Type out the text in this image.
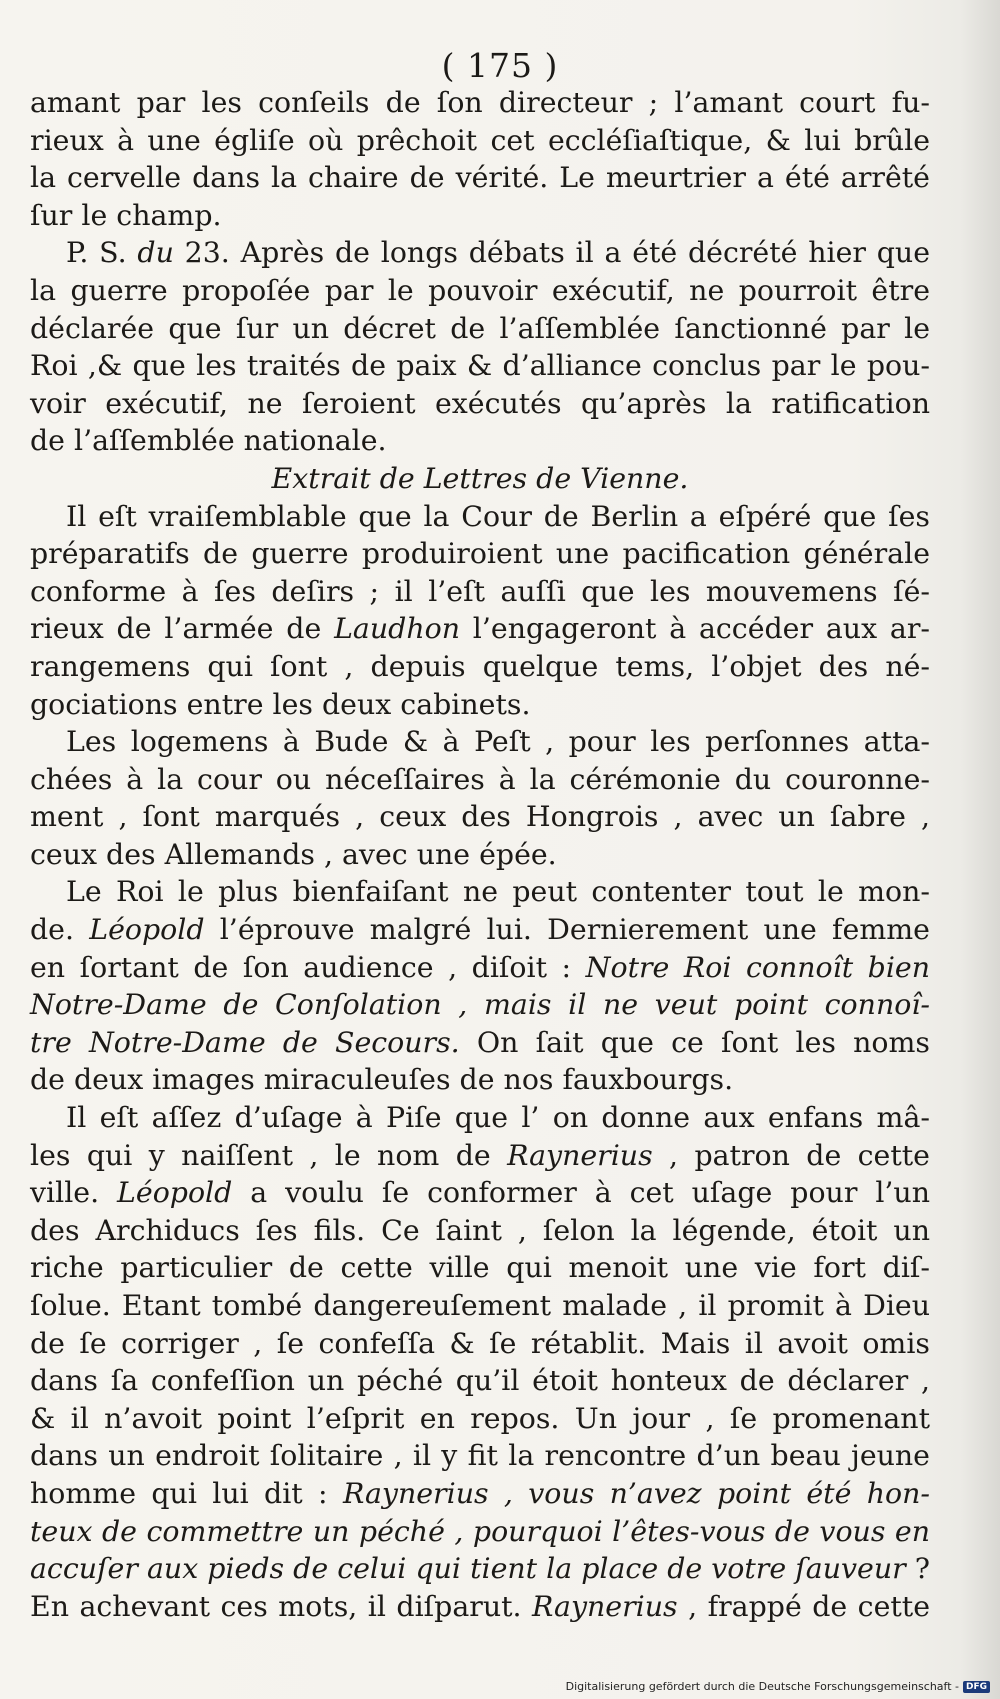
( 175 )
amant par les conſeils de ſon directeur ; l’amant court fu-
rieux à une égliſe où prêchoit cet eccléſiaſtique, & lui brûle
la cervelle dans la chaire de vérité. Le meurtrier a été arrêté
ſur le champ.
P. S. du 23. Après de longs débats il a été décrété hier que
la guerre propoſée par le pouvoir exécutif, ne pourroit être
déclarée que ſur un décret de l’aſſemblée ſanctionné par le
Roi ,& que les traités de paix & d’alliance conclus par le pou-
voir exécutif, ne ſeroient exécutés qu’après la ratification
de l’aſſemblée nationale.
Extrait de Lettres de Vienne.
Il eſt vraiſemblable que la Cour de Berlin a eſpéré que ſes
préparatifs de guerre produiroient une pacification générale
conforme à ſes deſirs ; il l’eſt auſſi que les mouvemens ſé-
rieux de l’armée de Laudhon l’engageront à accéder aux ar-
rangemens qui ſont , depuis quelque tems, l’objet des né-
gociations entre les deux cabinets.
Les logemens à Bude & à Peſt , pour les perſonnes atta-
chées à la cour ou néceſſaires à la cérémonie du couronne-
ment , ſont marqués , ceux des Hongrois , avec un ſabre ,
ceux des Allemands , avec une épée.
Le Roi le plus bienfaiſant ne peut contenter tout le mon-
de. Léopold l’éprouve malgré lui. Dernierement une femme
en ſortant de ſon audience , diſoit : Notre Roi connoît bien
Notre-Dame de Conſolation , mais il ne veut point connoî-
tre Notre-Dame de Secours. On ſait que ce ſont les noms
de deux images miraculeuſes de nos fauxbourgs.
Il eſt aſſez d’uſage à Piſe que l’ on donne aux enfans mâ-
les qui y naiſſent , le nom de Raynerius , patron de cette
ville. Léopold a voulu ſe conformer à cet uſage pour l’un
des Archiducs ſes fils. Ce ſaint , ſelon la légende, étoit un
riche particulier de cette ville qui menoit une vie fort diſ-
ſolue. Etant tombé dangereuſement malade , il promit à Dieu
de ſe corriger , ſe confeſſa & ſe rétablit. Mais il avoit omis
dans ſa confeſſion un péché qu’il étoit honteux de déclarer ,
& il n’avoit point l’eſprit en repos. Un jour , ſe promenant
dans un endroit ſolitaire , il y fit la rencontre d’un beau jeune
homme qui lui dit : Raynerius , vous n’avez point été hon-
teux de commettre un péché , pourquoi l’êtes-vous de vous en
accuſer aux pieds de celui qui tient la place de votre ſauveur ?
En achevant ces mots, il diſparut. Raynerius , frappé de cette
Digitalisierung gefördert durch die Deutsche Forschungsgemeinschaft - DFG
